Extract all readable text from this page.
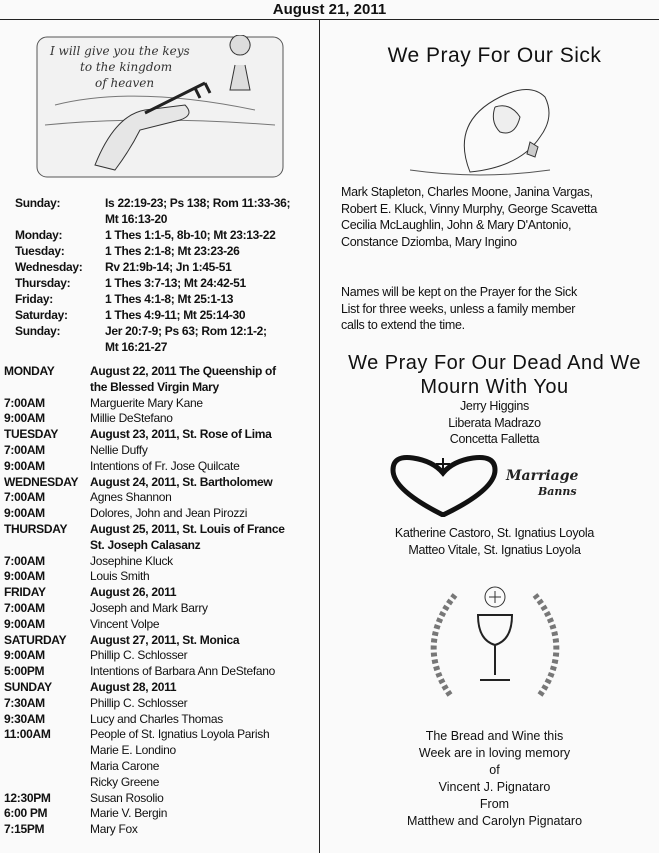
August 21, 2011
I will give you the keys
to the kingdom
of heaven
Sunday:	Is 22:19-23; Ps 138; Rom 11:33-36;
Mt 16:13-20
Monday:	1 Thes 1:1-5, 8b-10; Mt 23:13-22
Tuesday:	1 Thes 2:1-8; Mt 23:23-26
Wednesday:	Rv 21:9b-14; Jn 1:45-51
Thursday:	1 Thes 3:7-13; Mt 24:42-51
Friday:	1 Thes 4:1-8; Mt 25:1-13
Saturday:	1 Thes 4:9-11; Mt 25:14-30
Sunday:	Jer 20:7-9; Ps 63; Rom 12:1-2;
Mt 16:21-27
MONDAY	August 22, 2011 The Queenship of
the Blessed Virgin Mary
7:00AM	Marguerite Mary Kane
9:00AM	Millie DeStefano
TUESDAY	August 23, 2011, St. Rose of Lima
7:00AM	Nellie Duffy
9:00AM	Intentions of Fr. Jose Quilcate
WEDNESDAY August 24, 2011, St. Bartholomew
7:00AM	Agnes Shannon
9:00AM	Dolores, John and Jean Pirozzi
THURSDAY	August 25, 2011, St. Louis of France
St. Joseph Calasanz
7:00AM	Josephine Kluck
9:00AM	Louis Smith
FRIDAY	August 26, 2011
7:00AM	Joseph and Mark Barry
9:00AM	Vincent Volpe
SATURDAY	August 27, 2011, St. Monica
9:00AM	Phillip C. Schlosser
5:00PM	Intentions of Barbara Ann DeStefano
SUNDAY	August 28, 2011
7:30AM	Phillip C. Schlosser
9:30AM	Lucy and Charles Thomas
11:00AM	People of St. Ignatius Loyola Parish
Marie E. Londino
Maria Carone
Ricky Greene
12:30PM	Susan Rosolio
6:00 PM	Marie V. Bergin
7:15PM	Mary Fox
We Pray For Our Sick
Mark Stapleton, Charles Moone, Janina Vargas,
Robert E. Kluck, Vinny Murphy, George Scavetta
Cecilia McLaughlin, John & Mary D'Antonio,
Constance Dziomba, Mary Ingino
Names will be kept on the Prayer for the Sick
List for three weeks, unless a family member
calls to extend the time.
We Pray For Our Dead And We
Mourn With You
Jerry Higgins
Liberata Madrazo
Concetta Falletta
Marriage
Banns
Katherine Castoro, St. Ignatius Loyola
Matteo Vitale, St. Ignatius Loyola
The Bread and Wine this
Week are in loving memory
of
Vincent J. Pignataro
From
Matthew and Carolyn Pignataro
